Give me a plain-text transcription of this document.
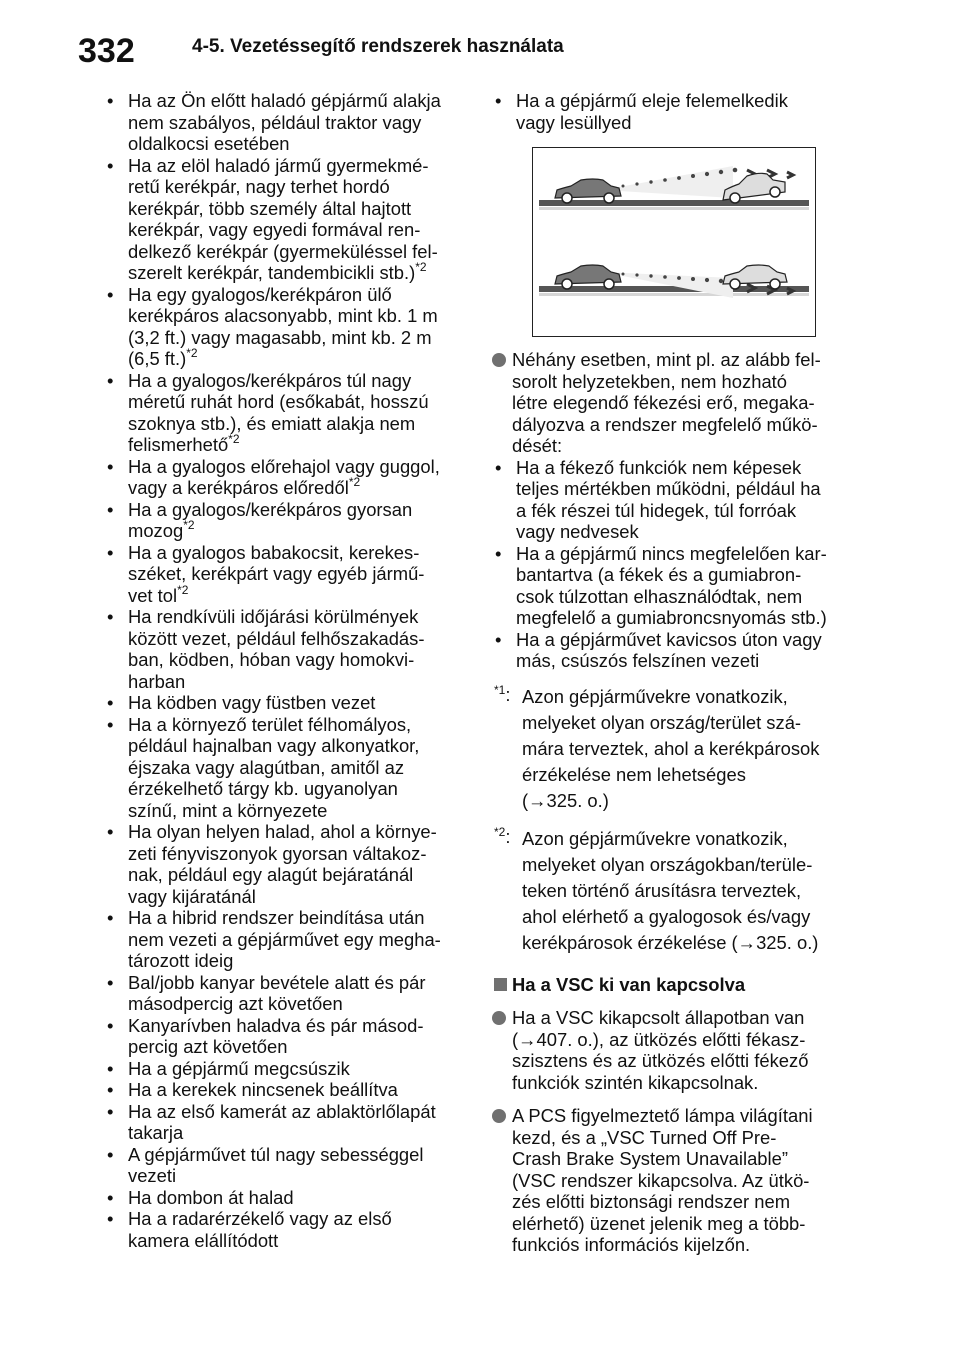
332	4-5. Vezetéssegítő rendszerek használata
• Ha az Ön előtt haladó gépjármű alakja
nem szabályos, például traktor vagy
oldalkocsi esetében
• Ha az elöl haladó jármű gyermekmé-
retű kerékpár, nagy terhet hordó
kerékpár, több személy által hajtott
kerékpár, vagy egyedi formával ren-
delkező kerékpár (gyermeküléssel fel-
szerelt kerékpár, tandembicikli stb.)$^{*2}$
• Ha egy gyalogos/kerékpáron ülő
kerékpáros alacsonyabb, mint kb. 1 m
(3,2 ft.) vagy magasabb, mint kb. 2 m
(6,5 ft.)$^{*2}$
• Ha a gyalogos/kerékpáros túl nagy
méretű ruhát hord (esőkabát, hosszú
szoknya stb.), és emiatt alakja nem
felismerhető$^{*2}$
• Ha a gyalogos előrehajol vagy guggol,
vagy a kerékpáros előredől$^{*2}$
• Ha a gyalogos/kerékpáros gyorsan
mozog$^{*2}$
• Ha a gyalogos babakocsit, kerekes-
széket, kerékpárt vagy egyéb jármű-
vet tol$^{*2}$
• Ha rendkívüli időjárási körülmények
között vezet, például felhőszakadás-
ban, ködben, hóban vagy homokvi-
harban
• Ha ködben vagy füstben vezet
• Ha a környező terület félhomályos,
például hajnalban vagy alkonyatkor,
éjszaka vagy alagútban, amitől az
érzékelhető tárgy kb. ugyanolyan
színű, mint a környezete
• Ha olyan helyen halad, ahol a környe-
zeti fényviszonyok gyorsan váltakoz-
nak, például egy alagút bejáratánál
vagy kijáratánál
• Ha a hibrid rendszer beindítása után
nem vezeti a gépjárművet egy megha-
tározott ideig
• Bal/jobb kanyar bevétele alatt és pár
másodpercig azt követően
• Kanyarívben haladva és pár másod-
percig azt követően
• Ha a gépjármű megcsúszik
• Ha a kerekek nincsenek beállítva
• Ha az első kamerát az ablaktörlőlapát
takarja
• A gépjárművet túl nagy sebességgel
vezeti
• Ha dombon át halad
• Ha a radarérzékelő vagy az első
kamera elállítódott
• Ha a gépjármű eleje felemelkedik
vagy lesüllyed
Néhány esetben, mint pl. az alább fel-
sorolt helyzetekben, nem hozható
létre elegendő fékezési erő, megaka-
dályozva a rendszer megfelelő műkö-
dését:
• Ha a fékező funkciók nem képesek
teljes mértékben működni, például ha
a fék részei túl hidegek, túl forróak
vagy nedvesek
• Ha a gépjármű nincs megfelelően kar-
bantartva (a fékek és a gumiabron-
csok túlzottan elhasználódtak, nem
megfelelő a gumiabroncsnyomás stb.)
• Ha a gépjárművet kavicsos úton vagy
más, csúszós felszínen vezeti
$^{*1}$: Azon gépjárművekre vonatkozik,
melyeket olyan ország/terület szá-
mára terveztek, ahol a kerékpárosok
érzékelése nem lehetséges
(→325. o.)
$^{*2}$: Azon gépjárművekre vonatkozik,
melyeket olyan országokban/terüle-
teken történő árusításra terveztek,
ahol elérhető a gyalogosok és/vagy
kerékpárosok érzékelése (→325. o.)
Ha a VSC ki van kapcsolva
Ha a VSC kikapcsolt állapotban van
(→407. o.), az ütközés előtti fékasz-
szisztens és az ütközés előtti fékező
funkciók szintén kikapcsolnak.
A PCS figyelmeztető lámpa világítani
kezd, és a „VSC Turned Off Pre-
Crash Brake System Unavailable”
(VSC rendszer kikapcsolva. Az ütkö-
zés előtti biztonsági rendszer nem
elérhető) üzenet jelenik meg a több-
funkciós információs kijelzőn.
